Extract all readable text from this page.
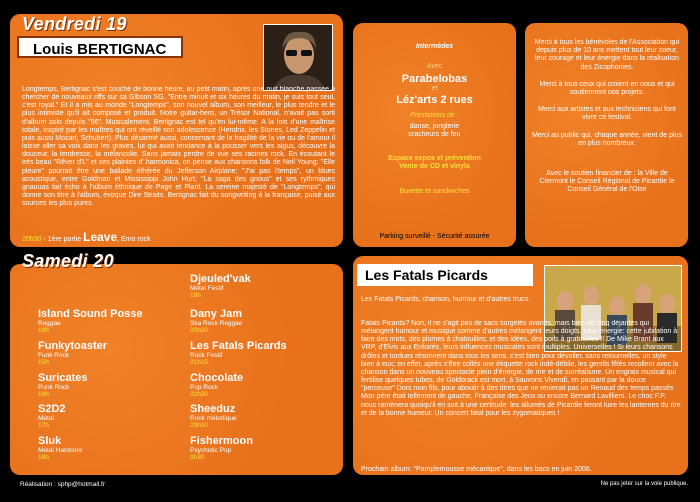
Vendredi 19
Louis BERTIGNAC
Longtemps, Bertignac s'est couché de bonne heure, au petit matin, après une nuit blanche passée à chercher de nouveaux riffs sur sa Gibson SG. "Entre minuit et six heures du matin, je suis tout seul, c'est royal." Et il a mis au monde "Longtemps", son nouvel album, son meilleur, le plus tendre et le plus intimiste qu'il ait composé et produit. Notre guitar-hero, un Trésor National, n'avait pas sorti d'album solo depuis "96". Musicalement, Bertignac est tel qu'en lui-même. A la fois d'une maîtrise totale, inspiré par les maîtres qui ont réveillé son adolescence (Hendrix, les Stones, Led Zeppelin et puis aussi Mozart, Schubert). Plus désarmé aussi, concernant de la fragilité de la vie ou de l'amour il laisse aller sa voix dans les graves, lui qui avait tendance à la pousser vers les aigus, découvre la douceur, la tendresse, la mélancolie. Sans jamais perdre de vue ses racines rock. En écoutant le très beau "Rêver d'L" et ses plaintes d' harmonica, on pense aux chansons folk de Neil Young; "Elle pleure" pourrait être une ballade éthérée du Jefferson Airplane; "J'ai pas l'temps", un blues acoustique, entre Goldman et Mississippi John Hurt; "La saga des gnous" et ses rythmiques gnaouas fait écho à l'album éthnique de Page et Plant. La sereine majesté de "Longtemps", qui donne son titre à l'album, évoque Dire Straits. Bertignac fait du songwriting à la française, puisé aux sources les plus pures.
20h30 - 1ère partie Leave, Emo rock
Intermèdes
Avec
Parabelobas
et
Léz'arts 2 rues
Prestations de :
danse, jonglerie cracheurs de feu
Espace expos et prévention Vente de CD et vinyls
Buvette et sandwiches
Parking surveillé - Sécurité assurée
Merci à tous les bénévoles de l'Association qui depuis plus de 10 ans mettent tout leur coeur, leur courage et leur énergie dans la réalisation des Zicophonies.
Merci à tous ceux qui croient en nous et qui soutiennent nos projets.
Merci aux artistes et aux techniciens qui font vivre ce festival.
Merci au public qui, chaque année, vient de plus en plus nombreux.
Avec le soutien financier de : la Ville de Clermont le Conseil Régional de Picardie le Conseil Général de l'Oise
Samedi 20
Djeuled'vak
Métal Festif
19h
Island Sound Posse
Reggae
19h
Dany Jam
Ska Rock Reggae
20h30
Funkytoaster
Funk Rock
15h
Les Fatals Picards
Rock Festif
21h15
Suricates
Punk Rock
16h
Chocolate
Pop Rock
22h30
S2D2
Métal
17h
Sheeduz
Rock mélodique
23h30
Sluk
Métal Hardcore
18h
Fishermoon
Psychotic Pop
0h30
Les Fatals Picards
Les Fatals Picards, chanson, humour et d'autres trucs.
Fatals Picards? Non, il ne s'agit pas de sacs surgelés avariés, mais bien de cinq déjantés qui mélangent humour et musique comme d'autres mélangent leurs doigts. Leur énergie: cette jubilation à faire des mots, des plumes à chatouilles; et des idées, des poils à gratouilles !! De Mike Brant aux VRP, d'Elvis aux Enfoirés, leurs influences musicales sont multiples. Universelles ! Si leurs chansons drôles et tordues résonnent dans tous les sens, c'est bien pour dévoiler, sans retournelles, un style bien à eux; en effet, après s'être collés une étiquette rock indé-débile, les gentils fêlés recollent avec la chanson dans un nouveau spectacle plein d'énergie, de rire et de surréalisme. Un engrais musical qui fertilise quelques tubes, de Goldorack est mort, à Sauvons Vivendi, en passant par la douce "perceuse" Dors mon fils, pour aboutir à des titres que ne renierait pas un Renaud des temps passés Mon père était tellement de gauche, Française des Jeux ou encore Bernard Lavilliers. Le choc F.P. nous ramènera quoiqu'il en soit à une certitude: les allumés de Picardie feront luire les lanternes du rire et de la bonne humeur. Un concert fatal pour les zygomatiques !
Prochain album: "Pamplemousse mécanique", dans les bacs en juin 2006.
Réalisation : sphp@hotmail.fr	Ne pas jeter sur la voie publique.
